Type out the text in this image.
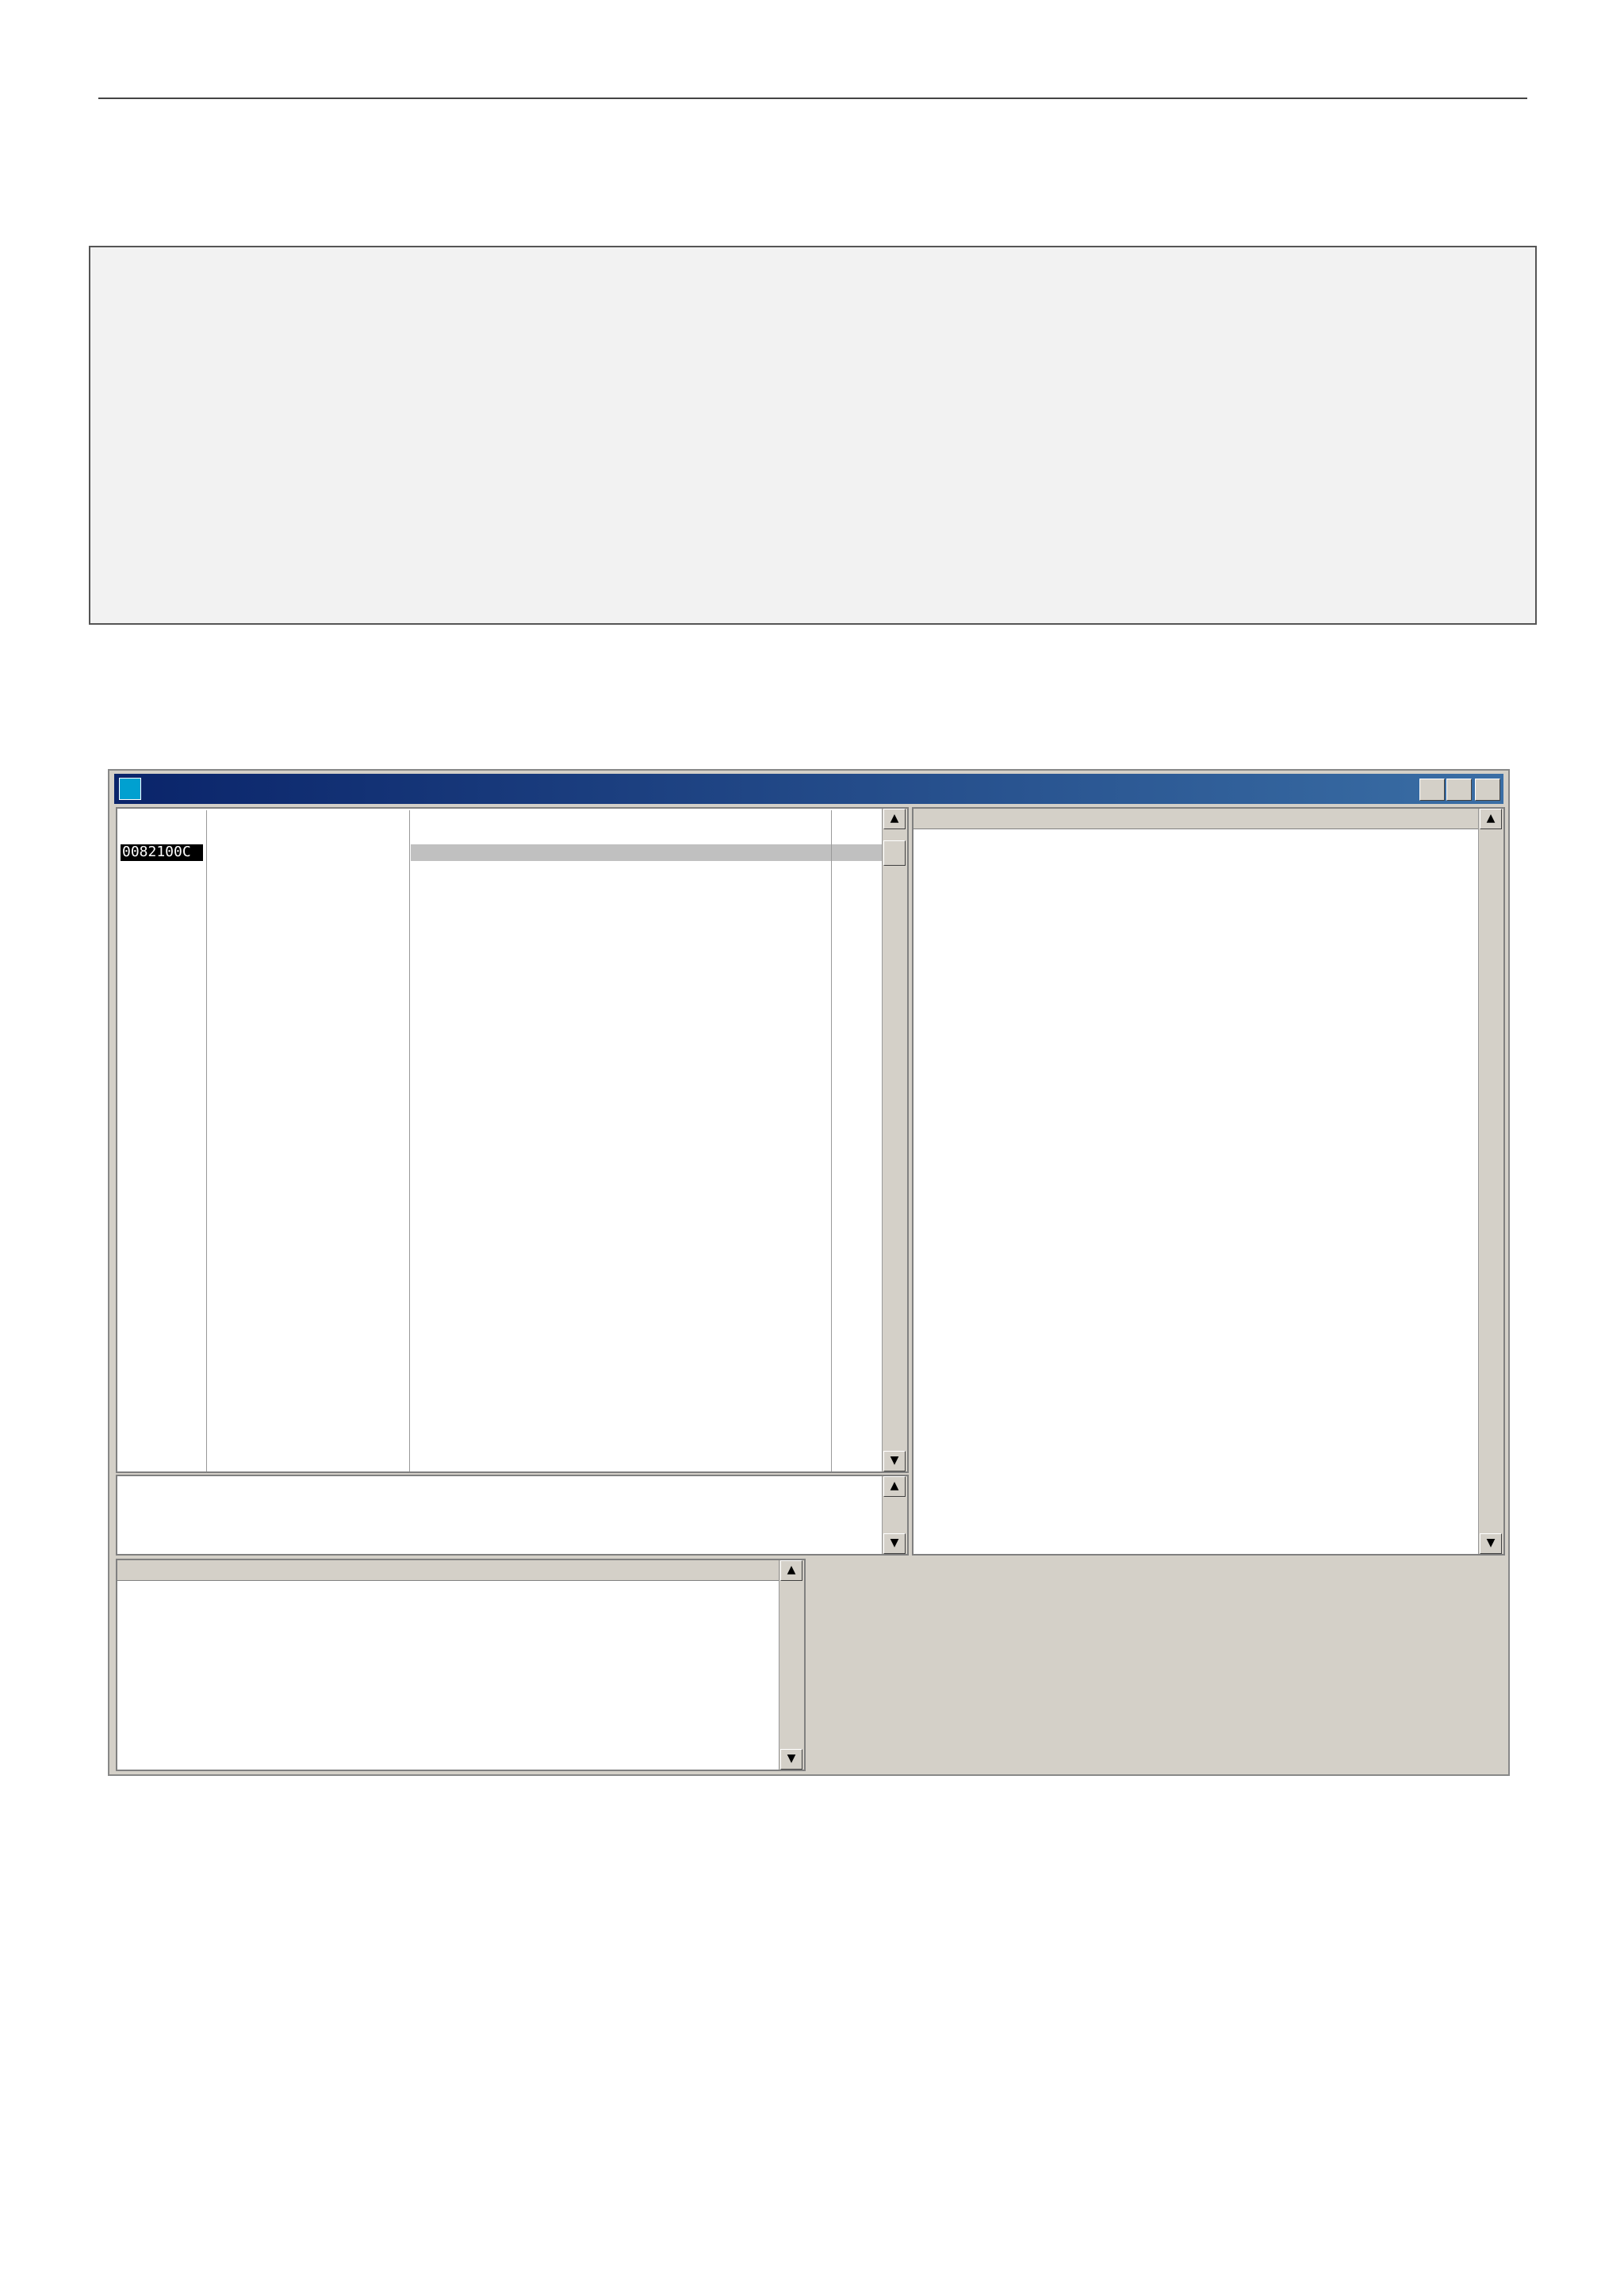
0082100C
▲
▼
▲
▼

▲
▼
▲
▼
